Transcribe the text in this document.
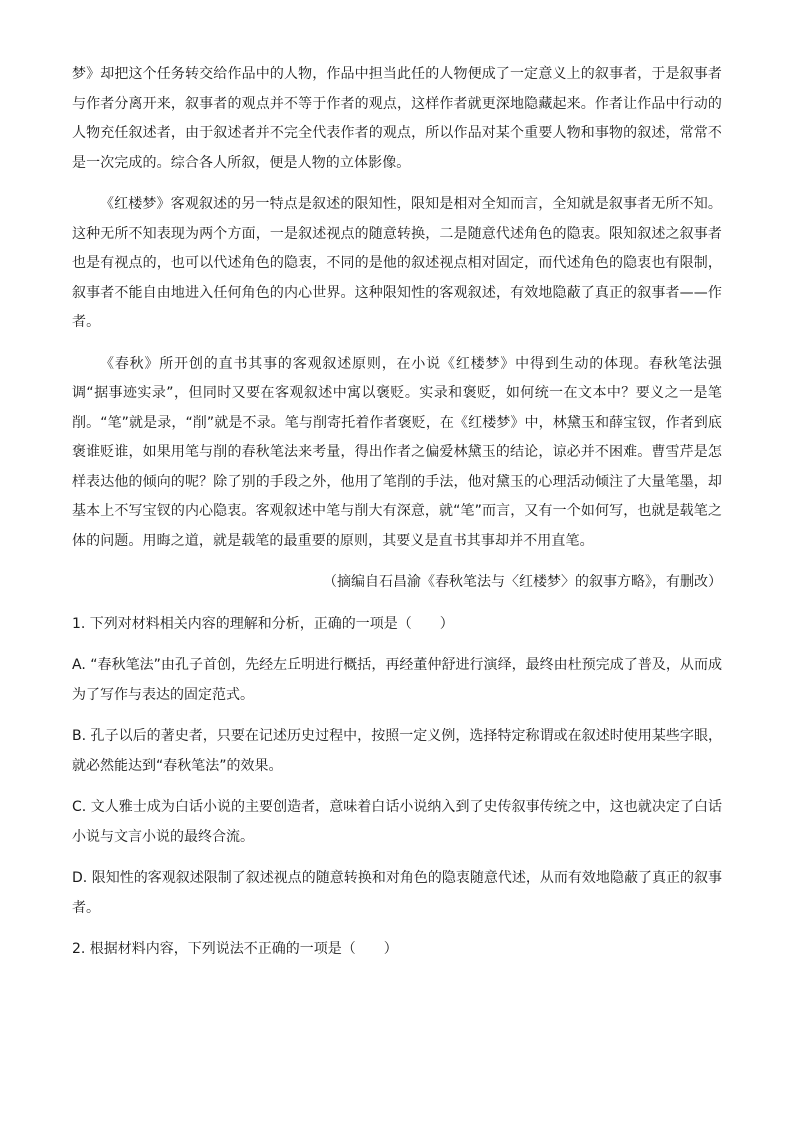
梦》却把这个任务转交给作品中的人物，作品中担当此任的人物便成了一定意义上的叙事者，于是叙事者与作者分离开来，叙事者的观点并不等于作者的观点，这样作者就更深地隐藏起来。作者让作品中行动的人物充任叙述者，由于叙述者并不完全代表作者的观点，所以作品对某个重要人物和事物的叙述，常常不是一次完成的。综合各人所叙，便是人物的立体影像。

《红楼梦》客观叙述的另一特点是叙述的限知性，限知是相对全知而言，全知就是叙事者无所不知。这种无所不知表现为两个方面，一是叙述视点的随意转换，二是随意代述角色的隐衷。限知叙述之叙事者也是有视点的，也可以代述角色的隐衷，不同的是他的叙述视点相对固定，而代述角色的隐衷也有限制，叙事者不能自由地进入任何角色的内心世界。这种限知性的客观叙述，有效地隐蔽了真正的叙事者——作者。

《春秋》所开创的直书其事的客观叙述原则，在小说《红楼梦》中得到生动的体现。春秋笔法强调“据事迹实录”，但同时又要在客观叙述中寓以褒贬。实录和褒贬，如何统一在文本中？要义之一是笔削。“笔”就是录，“削”就是不录。笔与削寄托着作者褒贬，在《红楼梦》中，林黛玉和薛宝钗，作者到底褒谁贬谁，如果用笔与削的春秋笔法来考量，得出作者之偏爱林黛玉的结论，谅必并不困难。曹雪芹是怎样表达他的倾向的呢？除了别的手段之外，他用了笔削的手法，他对黛玉的心理活动倾注了大量笔墨，却基本上不写宝钗的内心隐衷。客观叙述中笔与削大有深意，就“笔”而言，又有一个如何写，也就是载笔之体的问题。用晦之道，就是载笔的最重要的原则，其要义是直书其事却并不用直笔。

（摘编自石昌渝《春秋笔法与〈红楼梦〉的叙事方略》，有删改）

1. 下列对材料相关内容的理解和分析，正确的一项是（　　）

A. “春秋笔法”由孔子首创，先经左丘明进行概括，再经董仲舒进行演绎，最终由杜预完成了普及，从而成为了写作与表达的固定范式。

B. 孔子以后的著史者，只要在记述历史过程中，按照一定义例，选择特定称谓或在叙述时使用某些字眼，就必然能达到“春秋笔法”的效果。

C. 文人雅士成为白话小说的主要创造者，意味着白话小说纳入到了史传叙事传统之中，这也就决定了白话小说与文言小说的最终合流。

D. 限知性的客观叙述限制了叙述视点的随意转换和对角色的隐衷随意代述，从而有效地隐蔽了真正的叙事者。

2. 根据材料内容，下列说法不正确的一项是（　　）
